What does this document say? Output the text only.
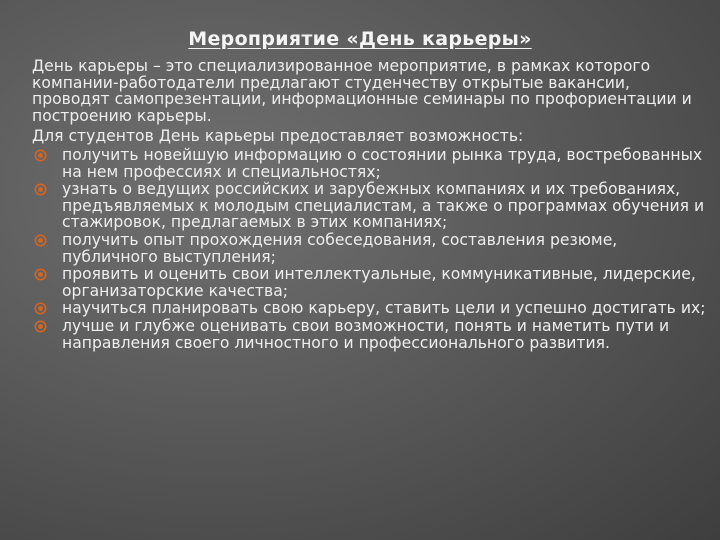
Мероприятие «День карьеры»

День карьеры – это специализированное мероприятие, в рамках которого компании-работодатели предлагают студенчеству открытые вакансии, проводят самопрезентации, информационные семинары по профориентации и построению карьеры.

Для студентов День карьеры предоставляет возможность:

получить новейшую информацию о состоянии рынка труда, востребованных на нем профессиях и специальностях;
узнать о ведущих российских и зарубежных компаниях и их требованиях, предъявляемых к молодым специалистам, а также о программах обучения и стажировок, предлагаемых в этих компаниях;
получить опыт прохождения собеседования, составления резюме, публичного выступления;
проявить и оценить свои интеллектуальные, коммуникативные, лидерские, организаторские качества;
научиться планировать свою карьеру, ставить цели и успешно достигать их;
лучше и глубже оценивать свои возможности, понять и наметить пути и направления своего личностного и профессионального развития.
